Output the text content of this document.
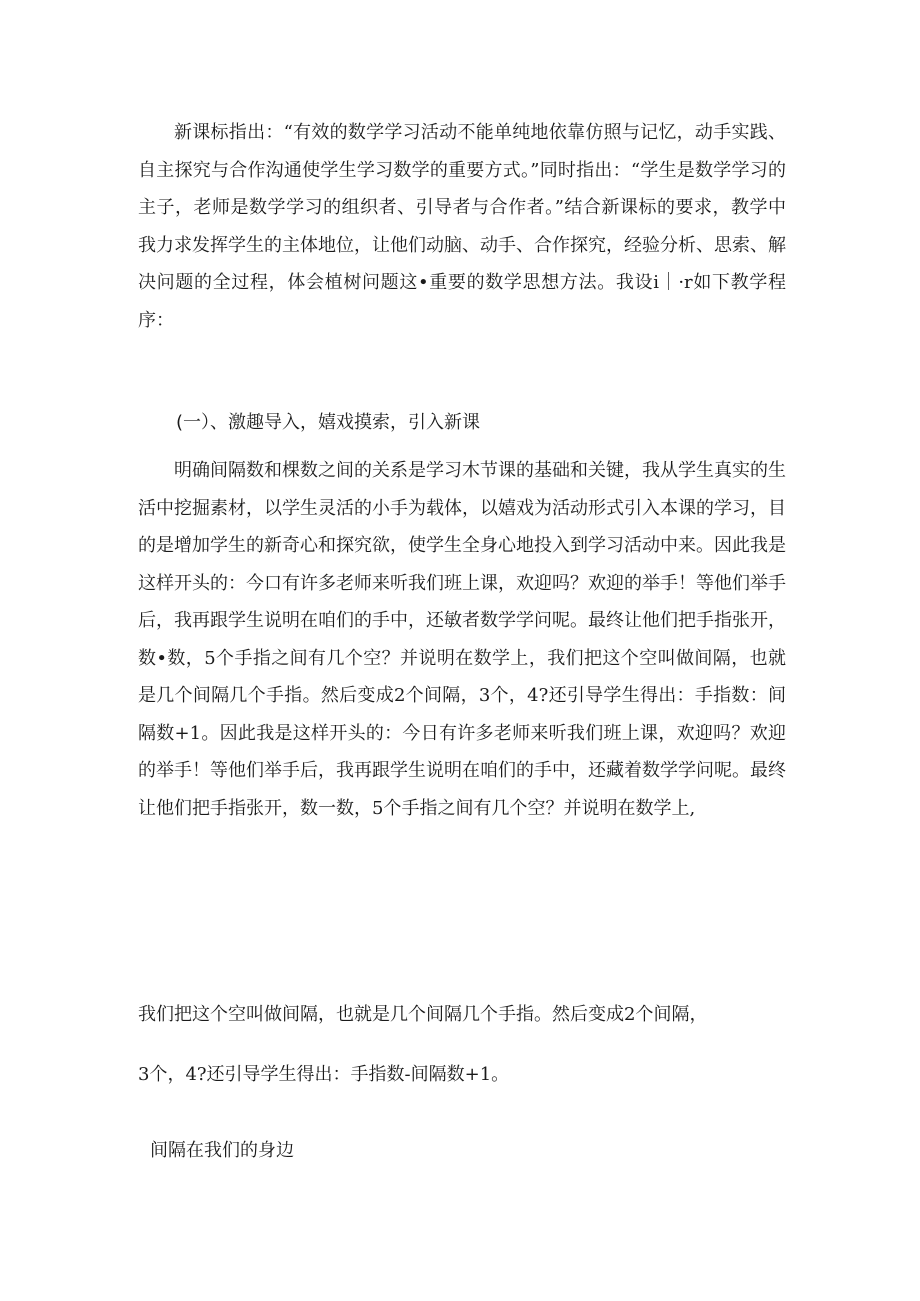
新课标指出：“有效的数学学习活动不能单纯地依靠仿照与记忆，动手实践、自主探究与合作沟通使学生学习数学的重要方式。”同时指出：“学生是数学学习的主子，老师是数学学习的组织者、引导者与合作者。”结合新课标的要求，教学中我力求发挥学生的主体地位，让他们动脑、动手、合作探究，经验分析、思索、解决问题的全过程，体会植树问题这•重要的数学思想方法。我设i｜·r如下教学程序：

(一）、激趣导入，嬉戏摸索，引入新课

明确间隔数和棵数之间的关系是学习木节课的基础和关键，我从学生真实的生活中挖掘素材，以学生灵活的小手为载体，以嬉戏为活动形式引入本课的学习，目的是增加学生的新奇心和探究欲，使学生全身心地投入到学习活动中来。因此我是这样开头的：今口有许多老师来听我们班上课，欢迎吗？欢迎的举手！等他们举手后，我再跟学生说明在咱们的手中，还敏者数学学问呢。最终让他们把手指张开，数•数，5个手指之间有几个空？并说明在数学上，我们把这个空叫做间隔，也就是几个间隔几个手指。然后变成2个间隔，3个，4?还引导学生得出：手指数：间隔数+1。因此我是这样开头的：今日有许多老师来听我们班上课，欢迎吗？欢迎的举手！等他们举手后，我再跟学生说明在咱们的手中，还藏着数学学问呢。最终让他们把手指张开，数一数，5个手指之间有几个空？并说明在数学上,

我们把这个空叫做间隔，也就是几个间隔几个手指。然后变成2个间隔，

3个，4?还引导学生得出：手指数-间隔数+1。

间隔在我们的身边
